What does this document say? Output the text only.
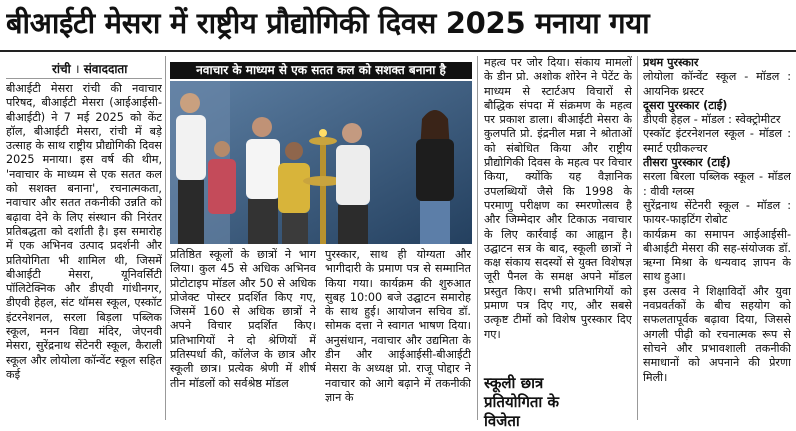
बीआईटी मेसरा में राष्ट्रीय प्रौद्योगिकी दिवस 2025 मनाया गया
रांची । संवाददाता

बीआईटी मेसरा रांची की नवाचार परिषद, बीआईटी मेसरा (आईआईसी-बीआईटी) ने 7 मई 2025 को केंट हॉल, बीआईटी मेसरा, रांची में बड़े उत्साह के साथ राष्ट्रीय प्रौद्योगिकी दिवस 2025 मनाया। इस वर्ष की थीम, 'नवाचार के माध्यम से एक सतत कल को सशक्त बनाना', रचनात्मकता, नवाचार और सतत तकनीकी उन्नति को बढ़ावा देने के लिए संस्थान की निरंतर प्रतिबद्धता को दर्शाती है। इस समारोह में एक अभिनव उत्पाद प्रदर्शनी और प्रतियोगिता भी शामिल थी, जिसमें बीआईटी मेसरा, यूनिवर्सिटी पॉलिटेक्निक और डीएवी गांधीनगर, डीएवी हेहल, संट थॉमस स्कूल, एस्कॉट इंटरनेशनल, सरला बिड़ला पब्लिक स्कूल, मनन विद्या मंदिर, जेएनवी मेसरा, सुरेंद्रनाथ सेंटेनरी स्कूल, कैराली स्कूल और लोयोला कॉन्वेंट स्कूल सहित कई

नवाचार के माध्यम से एक सतत कल को सशक्त बनाना है

प्रतिष्ठित स्कूलों के छात्रों ने भाग लिया। कुल 45 से अधिक अभिनव प्रोटोटाइप मॉडल और 50 से अधिक प्रोजेक्ट पोस्टर प्रदर्शित किए गए, जिसमें 160 से अधिक छात्रों ने अपने विचार प्रदर्शित किए। प्रतिभागियों ने दो श्रेणियों में प्रतिस्पर्धा की, कॉलेज के छात्र और स्कूली छात्र। प्रत्येक श्रेणी में शीर्ष तीन मॉडलों को सर्वश्रेष्ठ मॉडल

पुरस्कार, साथ ही योग्यता और भागीदारी के प्रमाण पत्र से सम्मानित किया गया। कार्यक्रम की शुरुआत सुबह 10:00 बजे उद्घाटन समारोह के साथ हुई। आयोजन सचिव डॉ. सोमक दत्ता ने स्वागत भाषण दिया। अनुसंधान, नवाचार और उद्यमिता के डीन और आईआईसी-बीआईटी मेसरा के अध्यक्ष प्रो. राजू पोद्दार ने नवाचार को आगे बढ़ाने में तकनीकी ज्ञान के

महत्व पर जोर दिया। संकाय मामलों के डीन प्रो. अशोक शोरेन ने पेटेंट के माध्यम से स्टार्टअप विचारों से बौद्धिक संपदा में संक्रमण के महत्व पर प्रकाश डाला। बीआईटी मेसरा के कुलपति प्रो. इंद्रनील मन्ना ने श्रोताओं को संबोधित किया और राष्ट्रीय प्रौद्योगिकी दिवस के महत्व पर विचार किया, क्योंकि यह वैज्ञानिक उपलब्धियों जैसे कि 1998 के परमाणु परीक्षण का स्मरणोत्सव है और जिम्मेदार और टिकाऊ नवाचार के लिए कार्रवाई का आह्वान है। उद्घाटन सत्र के बाद, स्कूली छात्रों ने कक्ष संकाय सदस्यों से युक्त विशेषज्ञ जूरी पैनल के समक्ष अपने मॉडल प्रस्तुत किए। सभी प्रतिभागियों को प्रमाण पत्र दिए गए, और सबसे उत्कृष्ट टीमों को विशेष पुरस्कार दिए गए।

स्कूली छात्र प्रतियोगिता के विजेता

प्रथम पुरस्कार

लोयोला कॉन्वेंट स्कूल - मॉडल : आयनिक थ्रस्टर

दूसरा पुरस्कार (टाई)

डीएवी हेहल - मॉडल : स्वेक्ट्रोमीटर

एस्कॉट इंटरनेशनल स्कूल - मॉडल : स्मार्ट एग्रीकल्चर

तीसरा पुरस्कार (टाई)

सरला बिरला पब्लिक स्कूल - मॉडल : वीवी ग्लव्स

सुरेंद्रनाथ सेंटेनरी स्कूल - मॉडल : फायर-फाइटिंग रोबोट

कार्यक्रम का समापन आईआईसी-बीआईटी मेसरा की सह-संयोजक डॉ. ऋग्ना मिश्रा के धन्यवाद ज्ञापन के साथ हुआ।

इस उत्सव ने शिक्षाविदों और युवा नवप्रवर्तकों के बीच सहयोग को सफलतापूर्वक बढ़ावा दिया, जिससे अगली पीढ़ी को रचनात्मक रूप से सोचने और प्रभावशाली तकनीकी समाधानों को अपनाने की प्रेरणा मिली।
